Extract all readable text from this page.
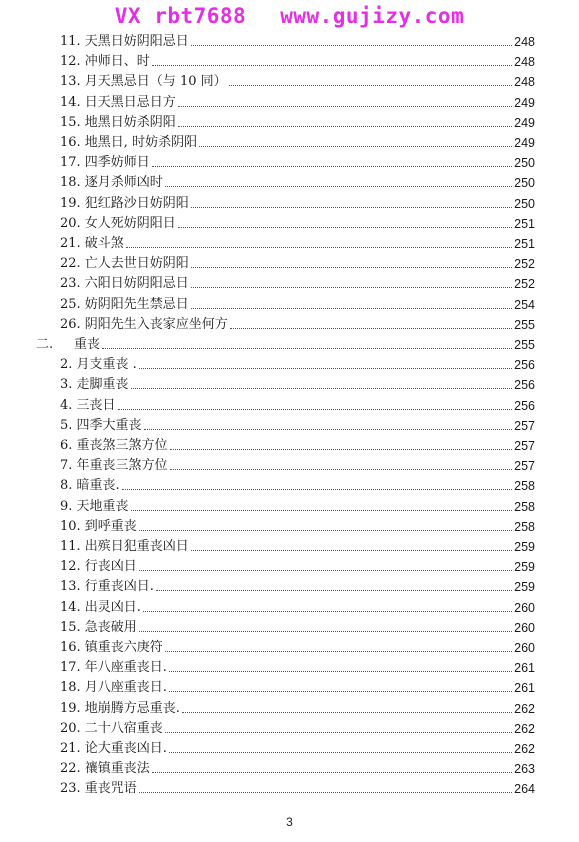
VX rbt7688 www.gujizy.com
11. 天黑日妨阴阳忌日	248
12. 冲师日、时	248
13. 月天黑忌日（与 10 同）	248
14. 日天黑日忌日方	249
15. 地黑日妨杀阴阳	249
16. 地黑日, 时妨杀阴阳	249
17. 四季妨师日	250
18. 逐月杀师凶时	250
19. 犯红路沙日妨阴阳	250
20. 女人死妨阴阳日	251
21. 破斗煞	251
22. 亡人去世日妨阴阳	252
23. 六阳日妨阴阳忌日	252
25. 妨阴阳先生禁忌日	254
26. 阴阳先生入丧家应坐何方	255
二. 重丧	255
2. 月支重丧 .	256
3. 走脚重丧	256
4. 三丧日	256
5. 四季大重丧	257
6. 重丧煞三煞方位	257
7. 年重丧三煞方位	257
8. 暗重丧.	258
9. 天地重丧	258
10. 到呼重丧	258
11. 出殡日犯重丧凶日	259
12. 行丧凶日	259
13. 行重丧凶日.	259
14. 出灵凶日.	260
15. 急丧破用	260
16. 镇重丧六庚符	260
17. 年八座重丧日.	261
18. 月八座重丧日.	261
19. 地崩腾方忌重丧.	262
20. 二十八宿重丧	262
21. 论大重丧凶日.	262
22. 禳镇重丧法	263
23. 重丧咒语	264
3
